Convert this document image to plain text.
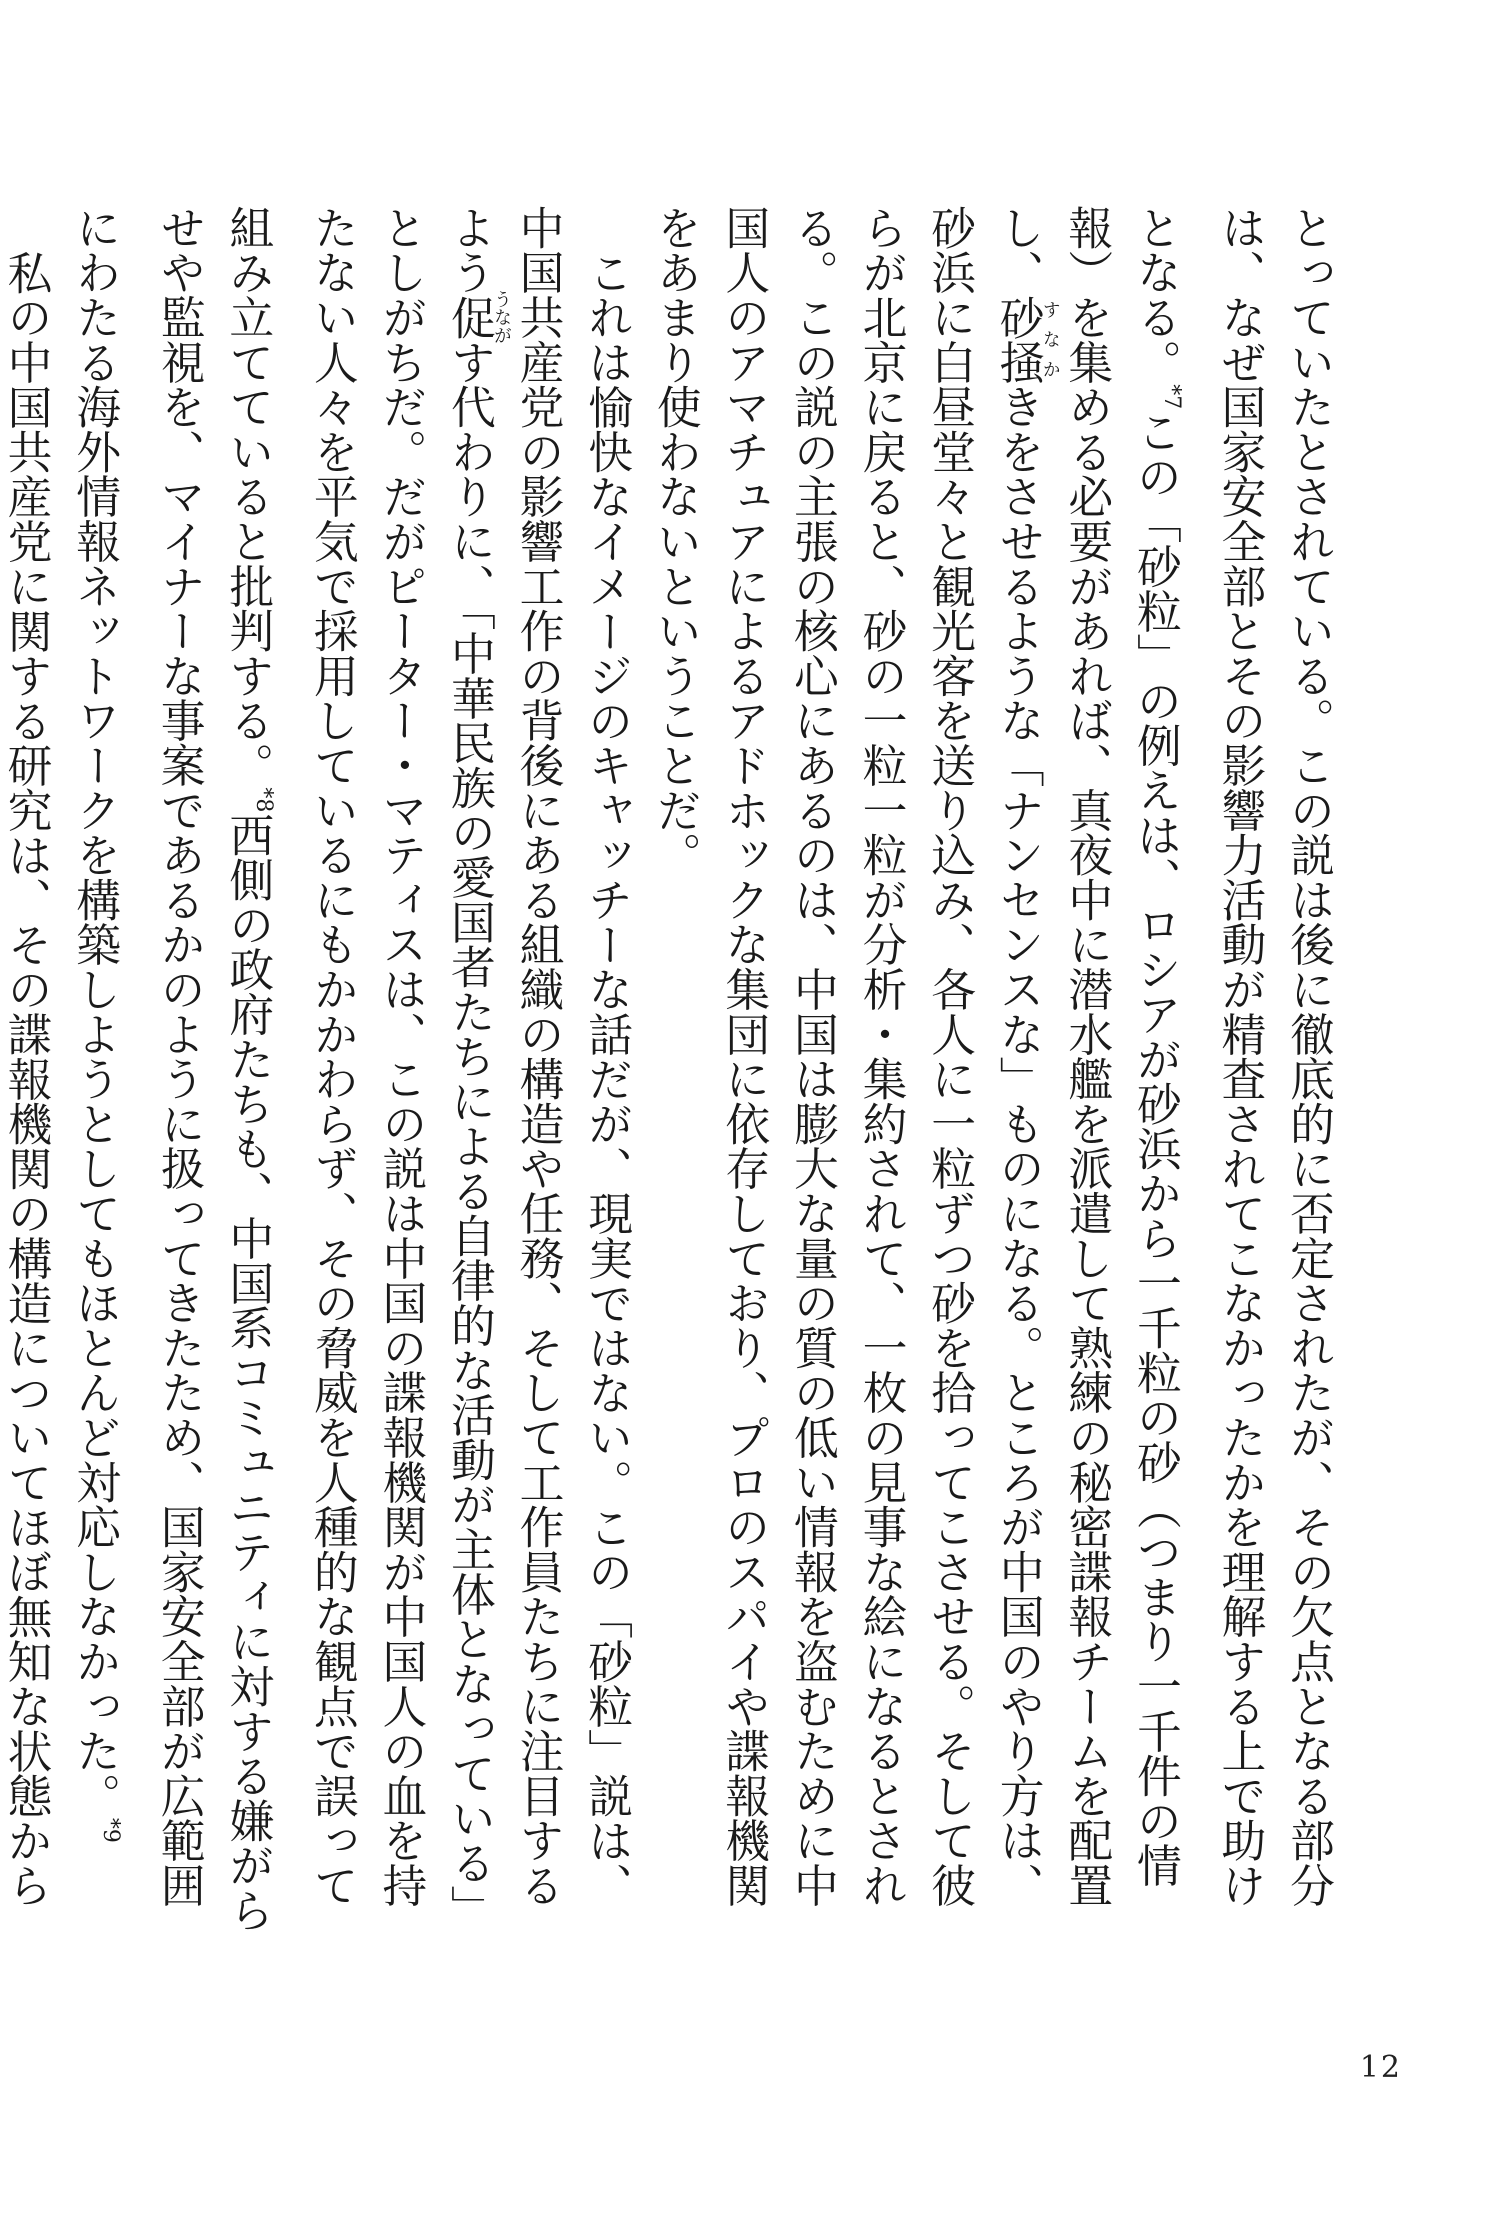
とっていたとされている。この説は後に徹底的に否定されたが、その欠点となる部分は、なぜ国家安全部とその影響力活動が精査されてこなかったかを理解する上で助けとなる。$^{*7}$この「砂粒」の例えは、ロシアが砂浜から一千粒の砂（つまり一千件の情報）を集める必要があれば、真夜中に潜水艦を派遣して熟練の秘密諜報チームを配置し、砂掻すなかきをさせるような「ナンセンスな」ものになる。ところが中国のやり方は、砂浜に白昼堂々と観光客を送り込み、各人に一粒ずつ砂を拾ってこさせる。そして彼らが北京に戻ると、砂の一粒一粒が分析・集約されて、一枚の見事な絵になるとされる。この説の主張の核心にあるのは、中国は膨大な量の質の低い情報を盗むために中国人のアマチュアによるアドホックな集団に依存しており、プロのスパイや諜報機関をあまり使わないということだ。

これは愉快なイメージのキャッチーな話だが、現実ではない。この「砂粒」説は、中国共産党の影響工作の背後にある組織の構造や任務、そして工作員たちに注目するよう促うながす代わりに、「中華民族の愛国者たちによる自律的な活動が主体となっている」としがちだ。だがピーター・マティスは、この説は中国の諜報機関が中国人の血を持たない人々を平気で採用しているにもかかわらず、その脅威を人種的な観点で誤って組み立てていると批判する。$^{*8}$西側の政府たちも、中国系コミュニティに対する嫌がらせや監視を、マイナーな事案であるかのように扱ってきたため、国家安全部が広範囲にわたる海外情報ネットワークを構築しようとしてもほとんど対応しなかった。$^{*9}$

私の中国共産党に関する研究は、その諜報機関の構造についてほぼ無知な状態から

12
